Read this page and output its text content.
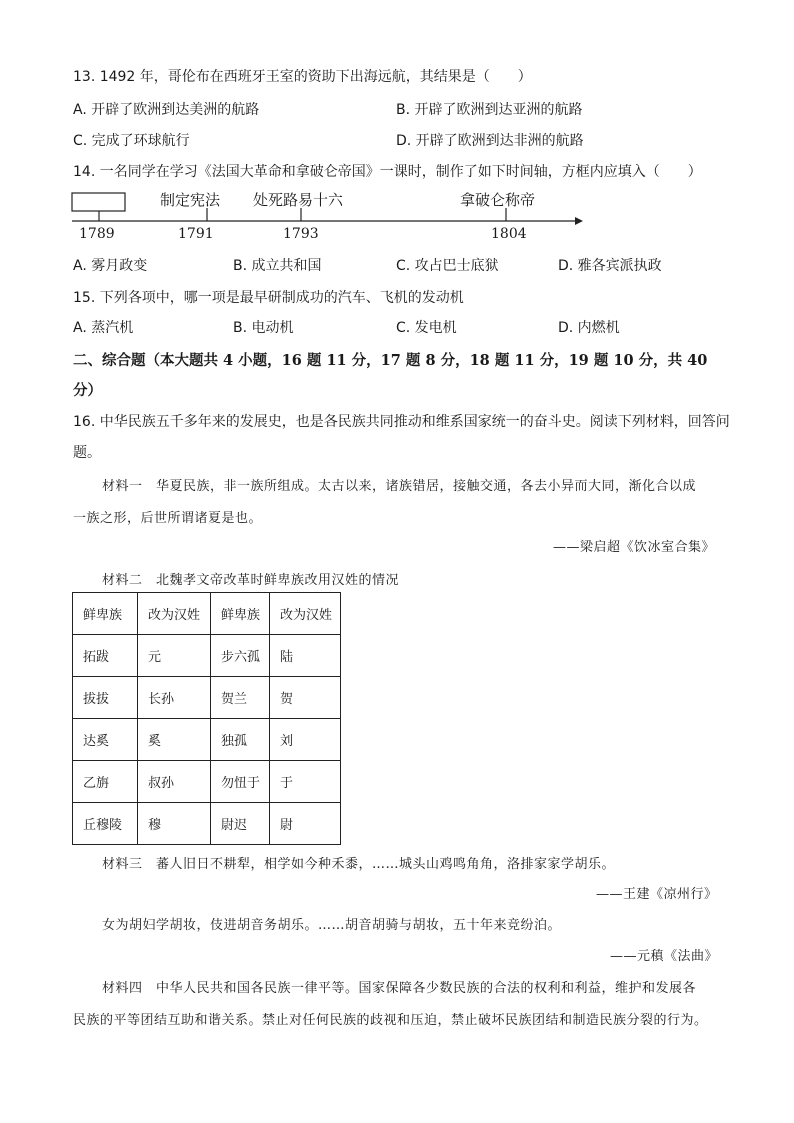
13. 1492 年，哥伦布在西班牙王室的资助下出海远航，其结果是（　　）
A. 开辟了欧洲到达美洲的航路	B. 开辟了欧洲到达亚洲的航路
C. 完成了环球航行	D. 开辟了欧洲到达非洲的航路
14. 一名同学在学习《法国大革命和拿破仑帝国》一课时，制作了如下时间轴，方框内应填入（　　）
制定宪法 处死路易十六	拿破仑称帝
1789	1791	1793	1804
A. 雾月政变	B. 成立共和国	C. 攻占巴士底狱	D. 雅各宾派执政
15. 下列各项中，哪一项是最早研制成功的汽车、飞机的发动机
A. 蒸汽机	B. 电动机	C. 发电机	D. 内燃机
二、综合题（本大题共 4 小题，16 题 11 分，17 题 8 分，18 题 11 分，19 题 10 分，共 40
分）
16. 中华民族五千多年来的发展史，也是各民族共同推动和维系国家统一的奋斗史。阅读下列材料，回答问
题。
材料一　华夏民族，非一族所组成。太古以来，诸族错居，接触交通，各去小异而大同，渐化合以成
一族之形，后世所谓诸夏是也。
——梁启超《饮冰室合集》
材料二　北魏孝文帝改革时鲜卑族改用汉姓的情况
鲜卑族	改为汉姓	鲜卑族	改为汉姓
拓跋	元	步六孤	陆
拔拔	长孙	贺兰	贺
达奚	奚	独孤	刘
乙旃	叔孙	勿忸于	于
丘穆陵	穆	尉迟	尉
材料三　蕃人旧日不耕犁，相学如今种禾黍，……城头山鸡鸣角角，洛排家家学胡乐。
——王建《凉州行》
女为胡妇学胡妆，伎进胡音务胡乐。……胡音胡骑与胡妆，五十年来竞纷泊。
——元稹《法曲》
材料四　中华人民共和国各民族一律平等。国家保障各少数民族的合法的权利和利益，维护和发展各
民族的平等团结互助和谐关系。禁止对任何民族的歧视和压迫，禁止破坏民族团结和制造民族分裂的行为。
